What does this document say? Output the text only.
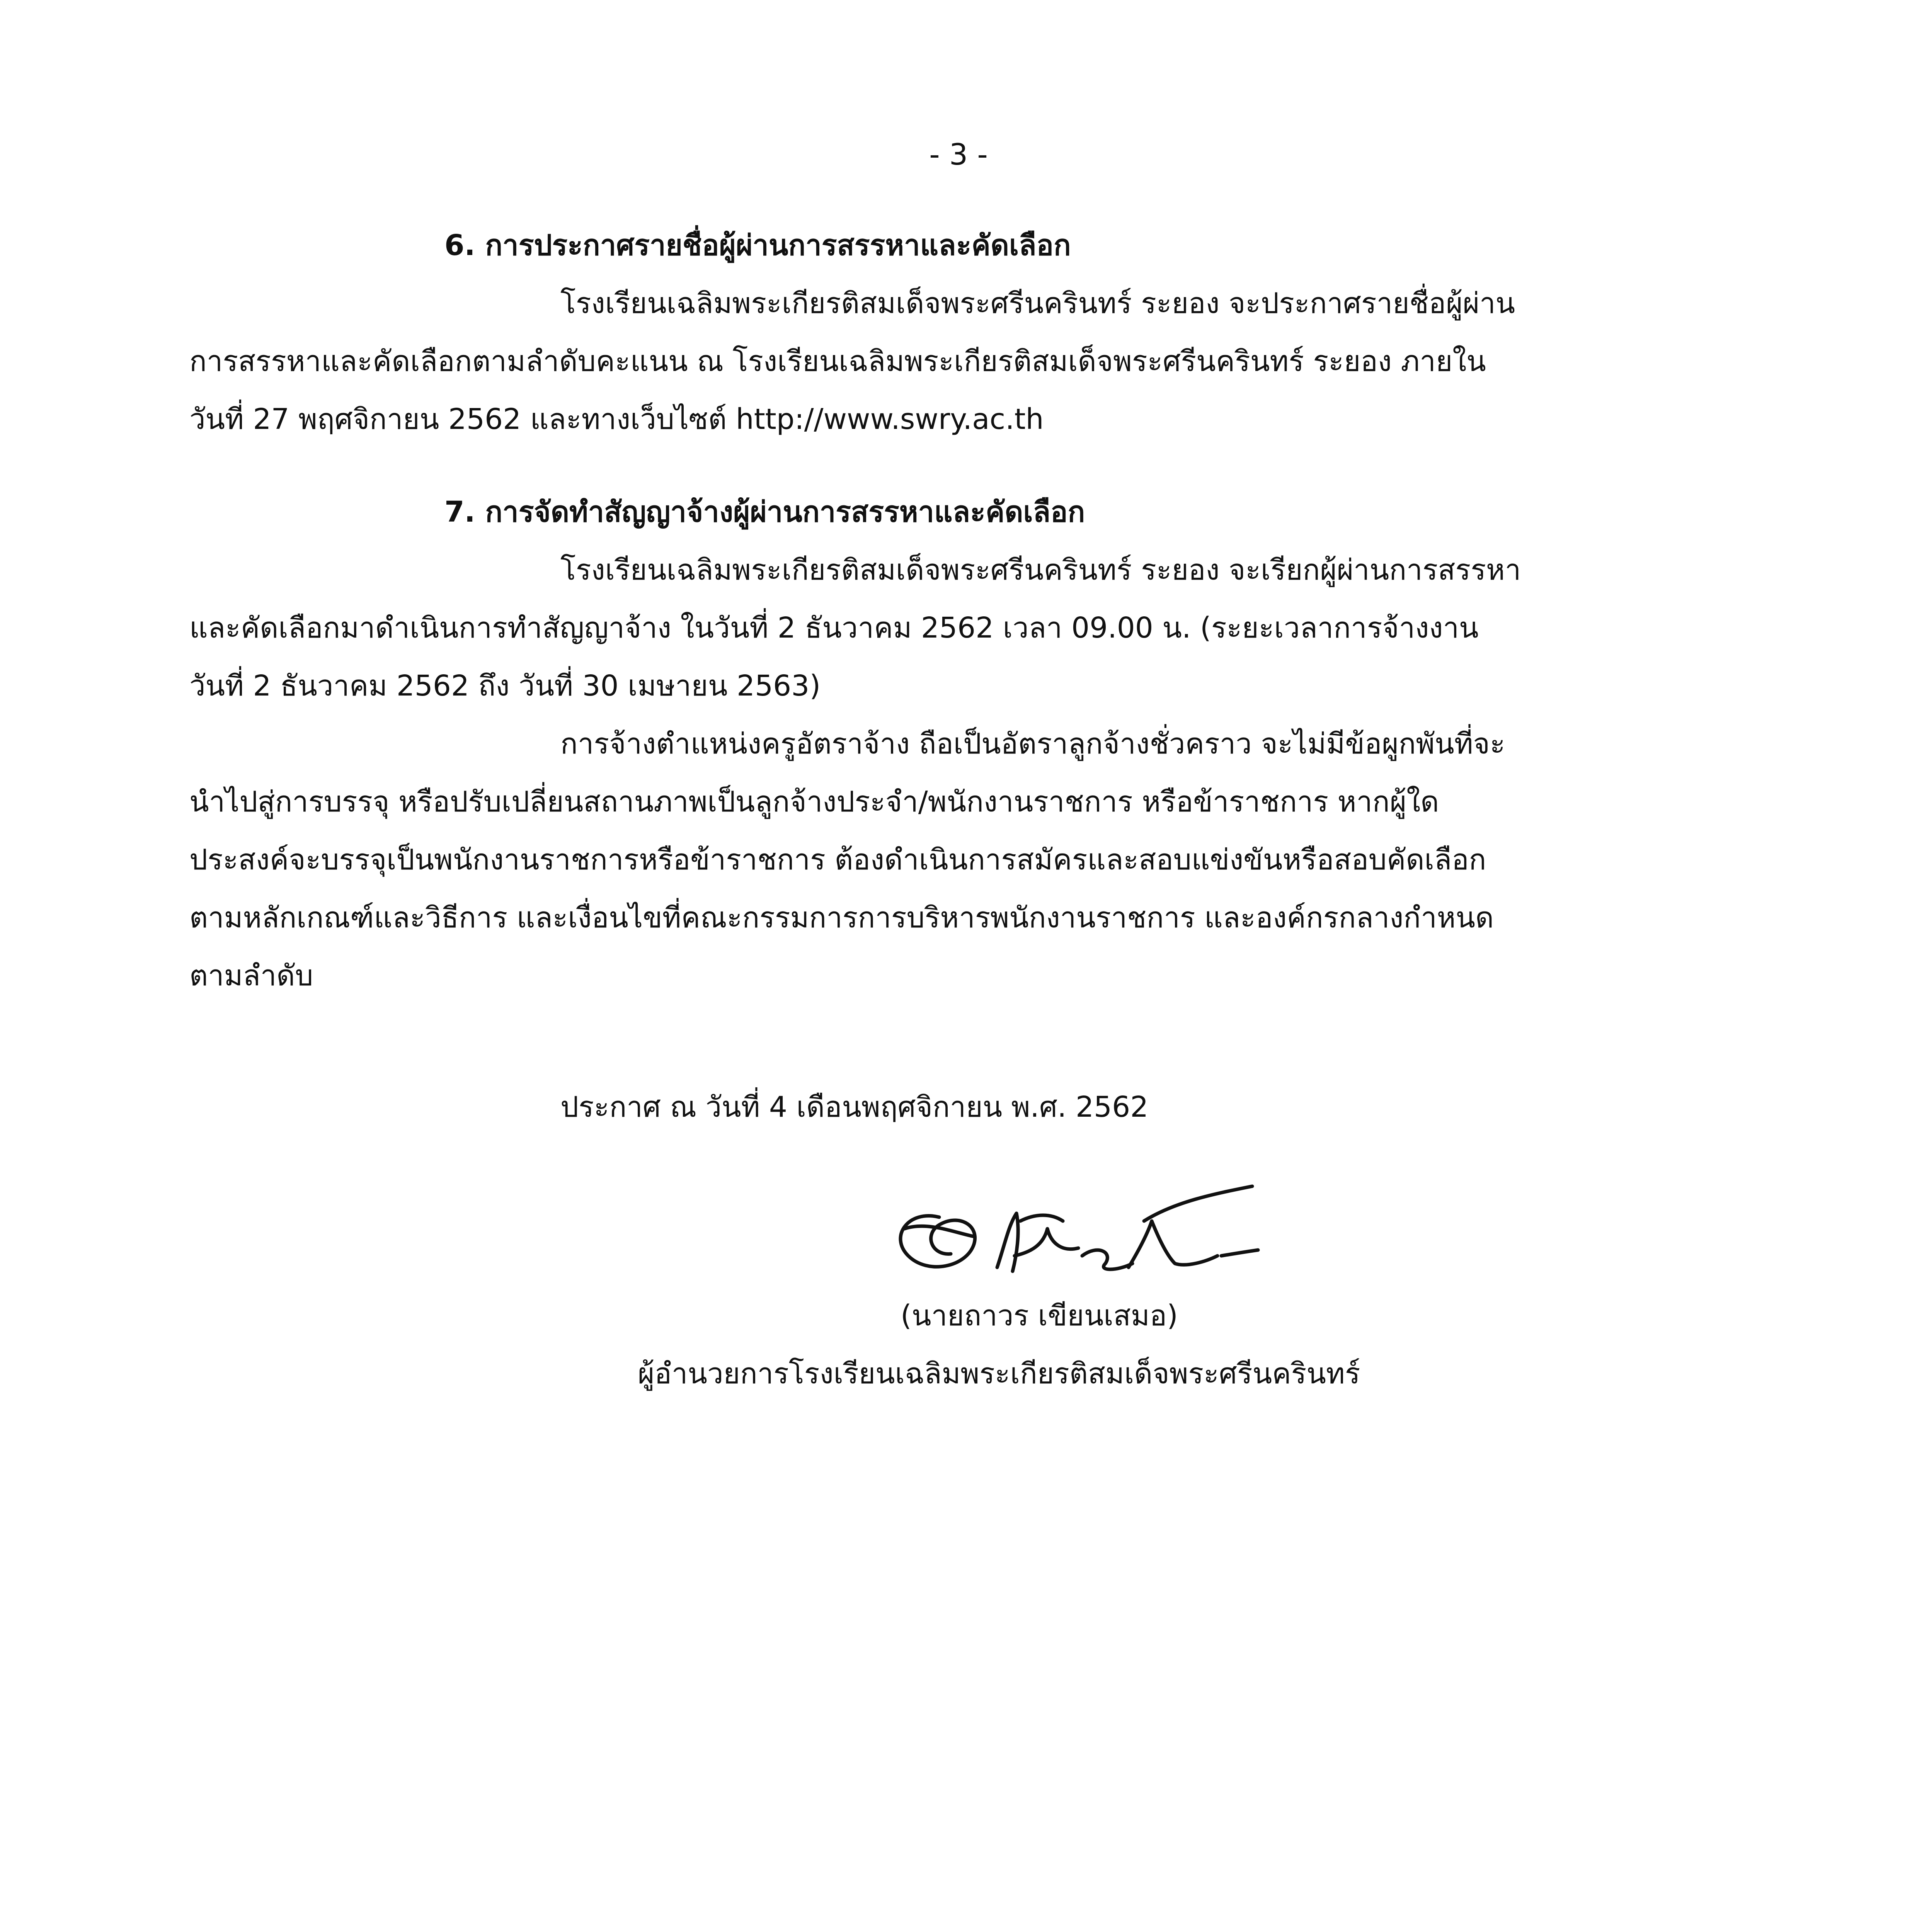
- 3 -

6. การประกาศรายชื่อผู้ผ่านการสรรหาและคัดเลือก

โรงเรียนเฉลิมพระเกียรติสมเด็จพระศรีนครินทร์ ระยอง จะประกาศรายชื่อผู้ผ่าน

การสรรหาและคัดเลือกตามลำดับคะแนน ณ โรงเรียนเฉลิมพระเกียรติสมเด็จพระศรีนครินทร์ ระยอง ภายใน

วันที่ 27 พฤศจิกายน 2562 และทางเว็บไซต์ http://www.swry.ac.th

7. การจัดทำสัญญาจ้างผู้ผ่านการสรรหาและคัดเลือก

โรงเรียนเฉลิมพระเกียรติสมเด็จพระศรีนครินทร์ ระยอง จะเรียกผู้ผ่านการสรรหา

และคัดเลือกมาดำเนินการทำสัญญาจ้าง ในวันที่ 2 ธันวาคม 2562 เวลา 09.00 น. (ระยะเวลาการจ้างงาน

วันที่ 2 ธันวาคม 2562 ถึง วันที่ 30 เมษายน 2563)

การจ้างตำแหน่งครูอัตราจ้าง ถือเป็นอัตราลูกจ้างชั่วคราว จะไม่มีข้อผูกพันที่จะ

นำไปสู่การบรรจุ หรือปรับเปลี่ยนสถานภาพเป็นลูกจ้างประจำ/พนักงานราชการ หรือข้าราชการ หากผู้ใด

ประสงค์จะบรรจุเป็นพนักงานราชการหรือข้าราชการ ต้องดำเนินการสมัครและสอบแข่งขันหรือสอบคัดเลือก

ตามหลักเกณฑ์และวิธีการ และเงื่อนไขที่คณะกรรมการการบริหารพนักงานราชการ และองค์กรกลางกำหนด

ตามลำดับ

ประกาศ ณ วันที่ 4 เดือนพฤศจิกายน พ.ศ. 2562
(นายถาวร เขียนเสมอ)
ผู้อำนวยการโรงเรียนเฉลิมพระเกียรติสมเด็จพระศรีนครินทร์
